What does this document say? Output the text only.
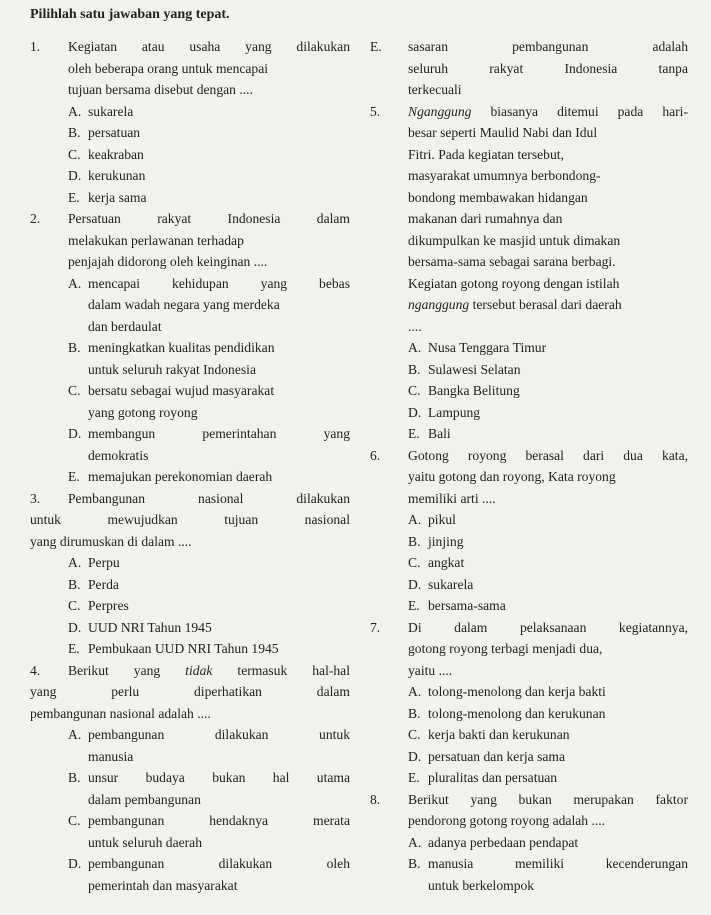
Pilihlah satu jawaban yang tepat.
1.	Kegiatan atau usaha yang dilakukan
oleh beberapa orang untuk mencapai
tujuan bersama disebut dengan ....
A. sukarela
B. persatuan
C. keakraban
D. kerukunan
E. kerja sama
2.	Persatuan rakyat Indonesia dalam
melakukan perlawanan terhadap
penjajah didorong oleh keinginan ....
A. mencapai kehidupan yang bebas
dalam wadah negara yang merdeka
dan berdaulat
B. meningkatkan kualitas pendidikan
untuk seluruh rakyat Indonesia
C. bersatu sebagai wujud masyarakat
yang gotong royong
D. membangun pemerintahan yang
demokratis
E. memajukan perekonomian daerah
3.	Pembangunan nasional dilakukan
untuk mewujudkan tujuan nasional
yang dirumuskan di dalam ....
A. Perpu
B. Perda
C. Perpres
D. UUD NRI Tahun 1945
E. Pembukaan UUD NRI Tahun 1945
4.	Berikut yang tidak termasuk hal-hal
yang perlu diperhatikan dalam
pembangunan nasional adalah ....
A. pembangunan dilakukan untuk
manusia
B. unsur budaya bukan hal utama
dalam pembangunan
C. pembangunan hendaknya merata
untuk seluruh daerah
D. pembangunan dilakukan oleh
pemerintah dan masyarakat
E.	sasaran pembangunan adalah
seluruh rakyat Indonesia tanpa
terkecuali
5.	Nganggung biasanya ditemui pada hari-
besar seperti Maulid Nabi dan Idul
Fitri. Pada kegiatan tersebut,
masyarakat umumnya berbondong-
bondong membawakan hidangan
makanan dari rumahnya dan
dikumpulkan ke masjid untuk dimakan
bersama-sama sebagai sarana berbagi.
Kegiatan gotong royong dengan istilah
nganggung tersebut berasal dari daerah
....
A. Nusa Tenggara Timur
B. Sulawesi Selatan
C. Bangka Belitung
D. Lampung
E. Bali
6.	Gotong royong berasal dari dua kata,
yaitu gotong dan royong, Kata royong
memiliki arti ....
A. pikul
B. jinjing
C. angkat
D. sukarela
E. bersama-sama
7.	Di dalam pelaksanaan kegiatannya,
gotong royong terbagi menjadi dua,
yaitu ....
A. tolong-menolong dan kerja bakti
B. tolong-menolong dan kerukunan
C. kerja bakti dan kerukunan
D. persatuan dan kerja sama
E. pluralitas dan persatuan
8.	Berikut yang bukan merupakan faktor
pendorong gotong royong adalah ....
A. adanya perbedaan pendapat
B. manusia memiliki kecenderungan
untuk berkelompok
